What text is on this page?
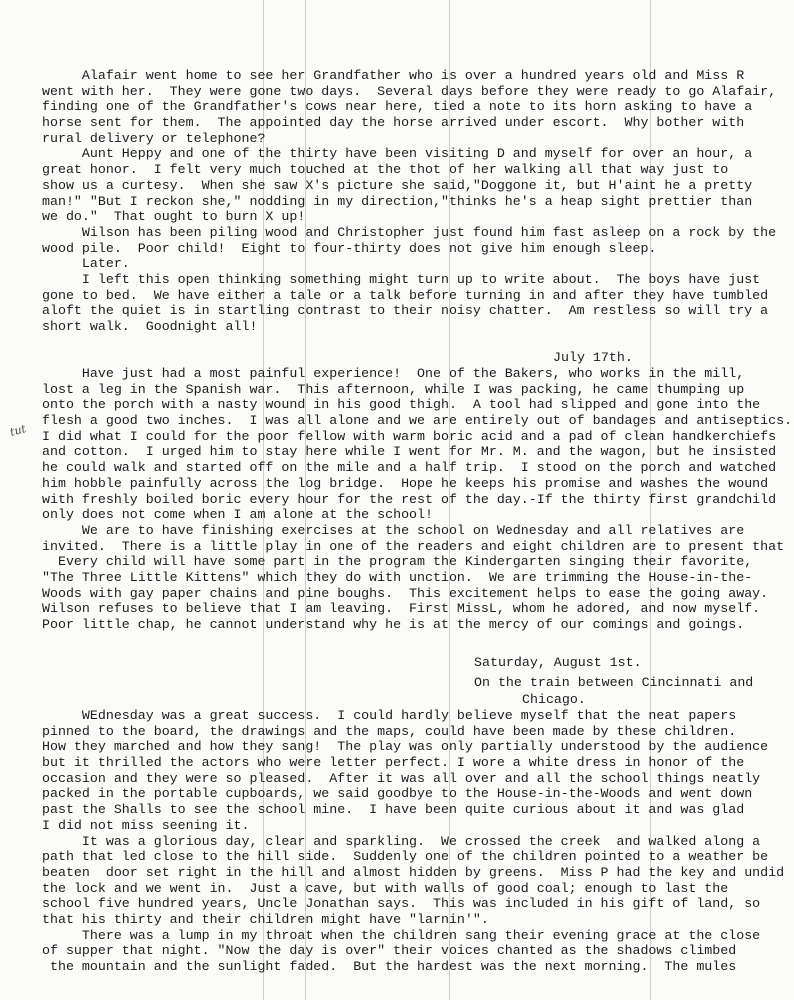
Alafair went home to see her Grandfather who is over a hundred years old and Miss R
went with her.  They were gone two days.  Several days before they were ready to go Alafair,
finding one of the Grandfather's cows near here, tied a note to its horn asking to have a
horse sent for them.  The appointed day the horse arrived under escort.  Why bother with
rural delivery or telephone?
Aunt Heppy and one of the thirty have been visiting D and myself for over an hour, a
great honor.  I felt very much touched at the thot of her walking all that way just to
show us a curtesy.  When she saw X's picture she said,"Doggone it, but H'aint he a pretty
man!" "But I reckon she," nodding in my direction,"thinks he's a heap sight prettier than
we do."  That ought to burn X up!
Wilson has been piling wood and Christopher just found him fast asleep on a rock by the
wood pile.  Poor child!  Eight to four-thirty does not give him enough sleep.
Later.
I left this open thinking something might turn up to write about.  The boys have just
gone to bed.  We have either a tale or a talk before turning in and after they have tumbled
aloft the quiet is in startling contrast to their noisy chatter.  Am restless so will try a
short walk.  Goodnight all!
July 17th.
Have just had a most painful experience!  One of the Bakers, who works in the mill,
lost a leg in the Spanish war.  This afternoon, while I was packing, he came thumping up
onto the porch with a nasty wound in his good thigh.  A tool had slipped and gone into the
flesh a good two inches.  I was all alone and we are entirely out of bandages and antiseptics.
I did what I could for the poor fellow with warm boric acid and a pad of clean handkerchiefs
and cotton.  I urged him to stay here while I went for Mr. M. and the wagon, but he insisted
he could walk and started off on the mile and a half trip.  I stood on the porch and watched
him hobble painfully across the log bridge.  Hope he keeps his promise and washes the wound
with freshly boiled boric every hour for the rest of the day.-If the thirty first grandchild
only does not come when I am alone at the school!
We are to have finishing exercises at the school on Wednesday and all relatives are
invited.  There is a little play in one of the readers and eight children are to present that
Every child will have some part in the program the Kindergarten singing their favorite,
"The Three Little Kittens" which they do with unction.  We are trimming the House-in-the-
Woods with gay paper chains and pine boughs.  This excitement helps to ease the going away.
Wilson refuses to believe that I am leaving.  First MissL, whom he adored, and now myself.
Poor little chap, he cannot understand why he is at the mercy of our comings and goings.
Saturday, August 1st.
On the train between Cincinnati and
Chicago.
WEdnesday was a great success.  I could hardly believe myself that the neat papers
pinned to the board, the drawings and the maps, could have been made by these children.
How they marched and how they sang!  The play was only partially understood by the audience
but it thrilled the actors who were letter perfect. I wore a white dress in honor of the
occasion and they were so pleased.  After it was all over and all the school things neatly
packed in the portable cupboards, we said goodbye to the House-in-the-Woods and went down
past the Shalls to see the school mine.  I have been quite curious about it and was glad
I did not miss seening it.
It was a glorious day, clear and sparkling.  We crossed the creek  and walked along a
path that led close to the hill side.  Suddenly one of the children pointed to a weather be
beaten  door set right in the hill and almost hidden by greens.  Miss P had the key and undid
the lock and we went in.  Just a cave, but with walls of good coal; enough to last the
school five hundred years, Uncle Jonathan says.  This was included in his gift of land, so
that his thirty and their children might have "larnin'".
There was a lump in my throat when the children sang their evening grace at the close
of supper that night. "Now the day is over" their voices chanted as the shadows climbed
the mountain and the sunlight faded.  But the hardest was the next morning.  The mules
tut
